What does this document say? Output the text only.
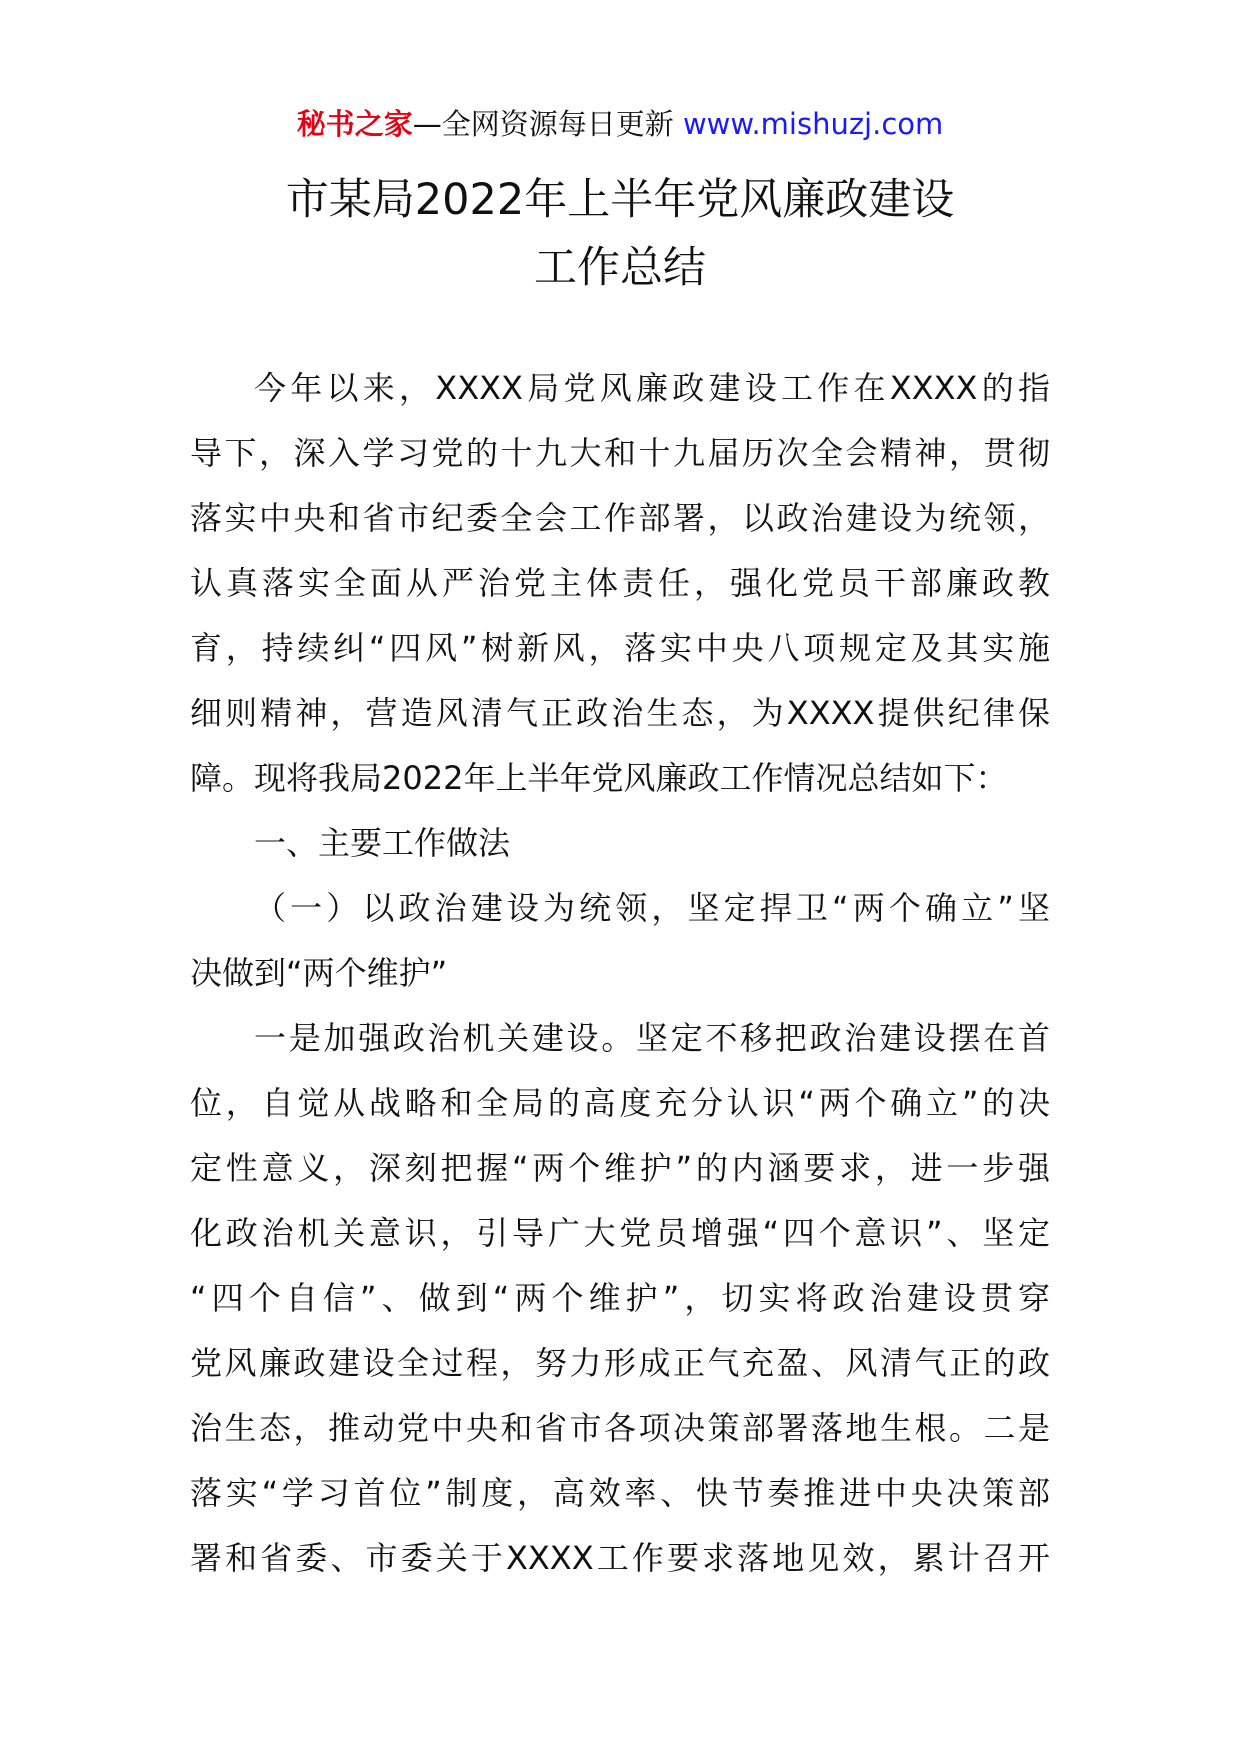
秘书之家—全网资源每日更新 www.mishuzj.com
市某局2022年上半年党风廉政建设
工作总结
今年以来，XXXX局党风廉政建设工作在XXXX的指
导下，深入学习党的十九大和十九届历次全会精神，贯彻
落实中央和省市纪委全会工作部署，以政治建设为统领，
认真落实全面从严治党主体责任，强化党员干部廉政教
育，持续纠“四风”树新风，落实中央八项规定及其实施
细则精神，营造风清气正政治生态，为XXXX提供纪律保
障。现将我局2022年上半年党风廉政工作情况总结如下：
一、主要工作做法
（一）以政治建设为统领，坚定捍卫“两个确立”坚
决做到“两个维护”
一是加强政治机关建设。坚定不移把政治建设摆在首
位，自觉从战略和全局的高度充分认识“两个确立”的决
定性意义，深刻把握“两个维护”的内涵要求，进一步强
化政治机关意识，引导广大党员增强“四个意识”、坚定
“四个自信”、做到“两个维护”，切实将政治建设贯穿
党风廉政建设全过程，努力形成正气充盈、风清气正的政
治生态，推动党中央和省市各项决策部署落地生根。二是
落实“学习首位”制度，高效率、快节奏推进中央决策部
署和省委、市委关于XXXX工作要求落地见效，累计召开
